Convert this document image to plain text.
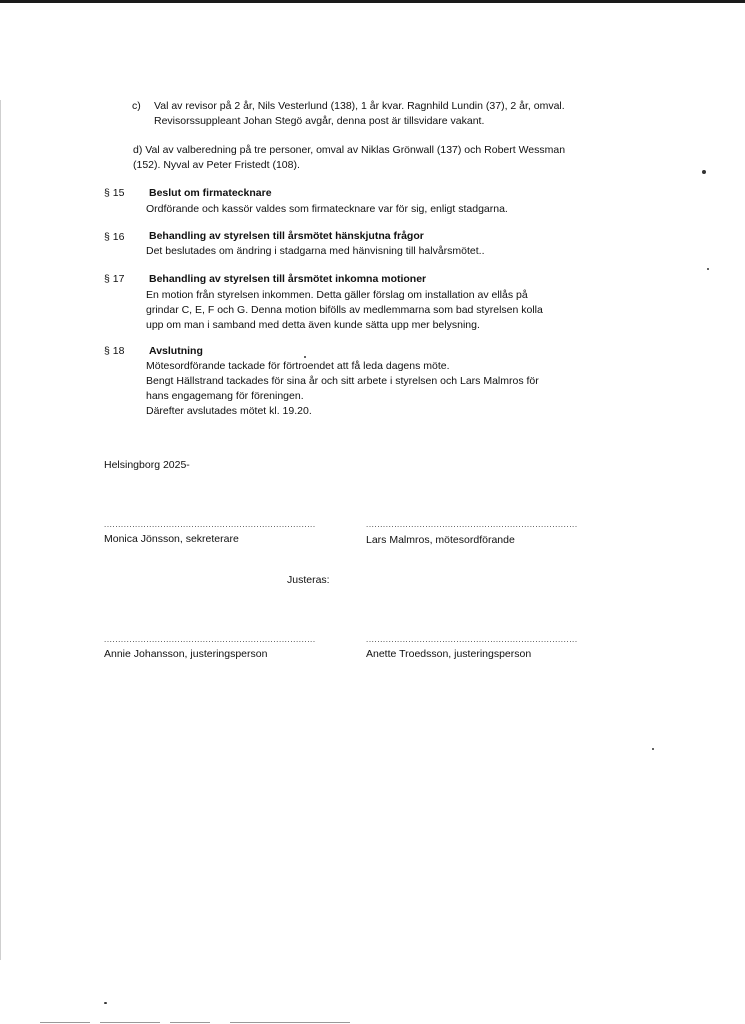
c) Val av revisor på 2 år, Nils Vesterlund (138), 1 år kvar. Ragnhild Lundin (37), 2 år, omval.
Revisorssuppleant Johan Stegö avgår, denna post är tillsvidare vakant.
d) Val av valberedning på tre personer, omval av Niklas Grönwall (137) och Robert Wessman
(152). Nyval av Peter Fristedt (108).
§ 15 Beslut om firmatecknare
Ordförande och kassör valdes som firmatecknare var för sig, enligt stadgarna.
§ 16 Behandling av styrelsen till årsmötet hänskjutna frågor
Det beslutades om ändring i stadgarna med hänvisning till halvårsmötet..
§ 17 Behandling av styrelsen till årsmötet inkomna motioner
En motion från styrelsen inkommen. Detta gäller förslag om installation av ellås på
grindar C, E, F och G. Denna motion bifölls av medlemmarna som bad styrelsen kolla
upp om man i samband med detta även kunde sätta upp mer belysning.
§ 18 Avslutning
Mötesordförande tackade för förtroendet att få leda dagens möte.
Bengt Hällstrand tackades för sina år och sitt arbete i styrelsen och Lars Malmros för
hans engagemang för föreningen.
Därefter avslutades mötet kl. 19.20.
Helsingborg 2025-
...........................................................................	...........................................................................
Monica Jönsson, sekreterare	Lars Malmros, mötesordförande
Justeras:
...........................................................................	...........................................................................
Annie Johansson, justeringsperson	Anette Troedsson, justeringsperson
